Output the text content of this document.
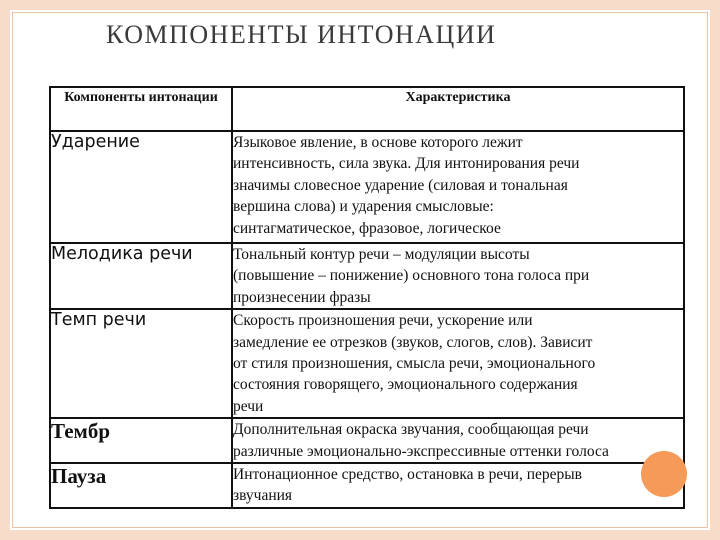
КОМПОНЕНТЫ ИНТОНАЦИИ
Компоненты интонации	Характеристика
Ударение	Языковое явление, в основе которого лежит
интенсивность, сила звука. Для интонирования речи
значимы словесное ударение (силовая и тональная
вершина слова) и ударения смысловые:
синтагматическое, фразовое, логическое

Мелодика речи	Тональный контур речи – модуляции высоты
(повышение – понижение) основного тона голоса при
произнесении фразы

Темп речи	Скорость произношения речи, ускорение или
замедление ее отрезков (звуков, слогов, слов). Зависит
от стиля произношения, смысла речи, эмоционального
состояния говорящего, эмоционального содержания
речи

Тембр	Дополнительная окраска звучания, сообщающая речи
различные эмоционально-экспрессивные оттенки голоса

Пауза	Интонационное средство, остановка в речи, перерыв
звучания
